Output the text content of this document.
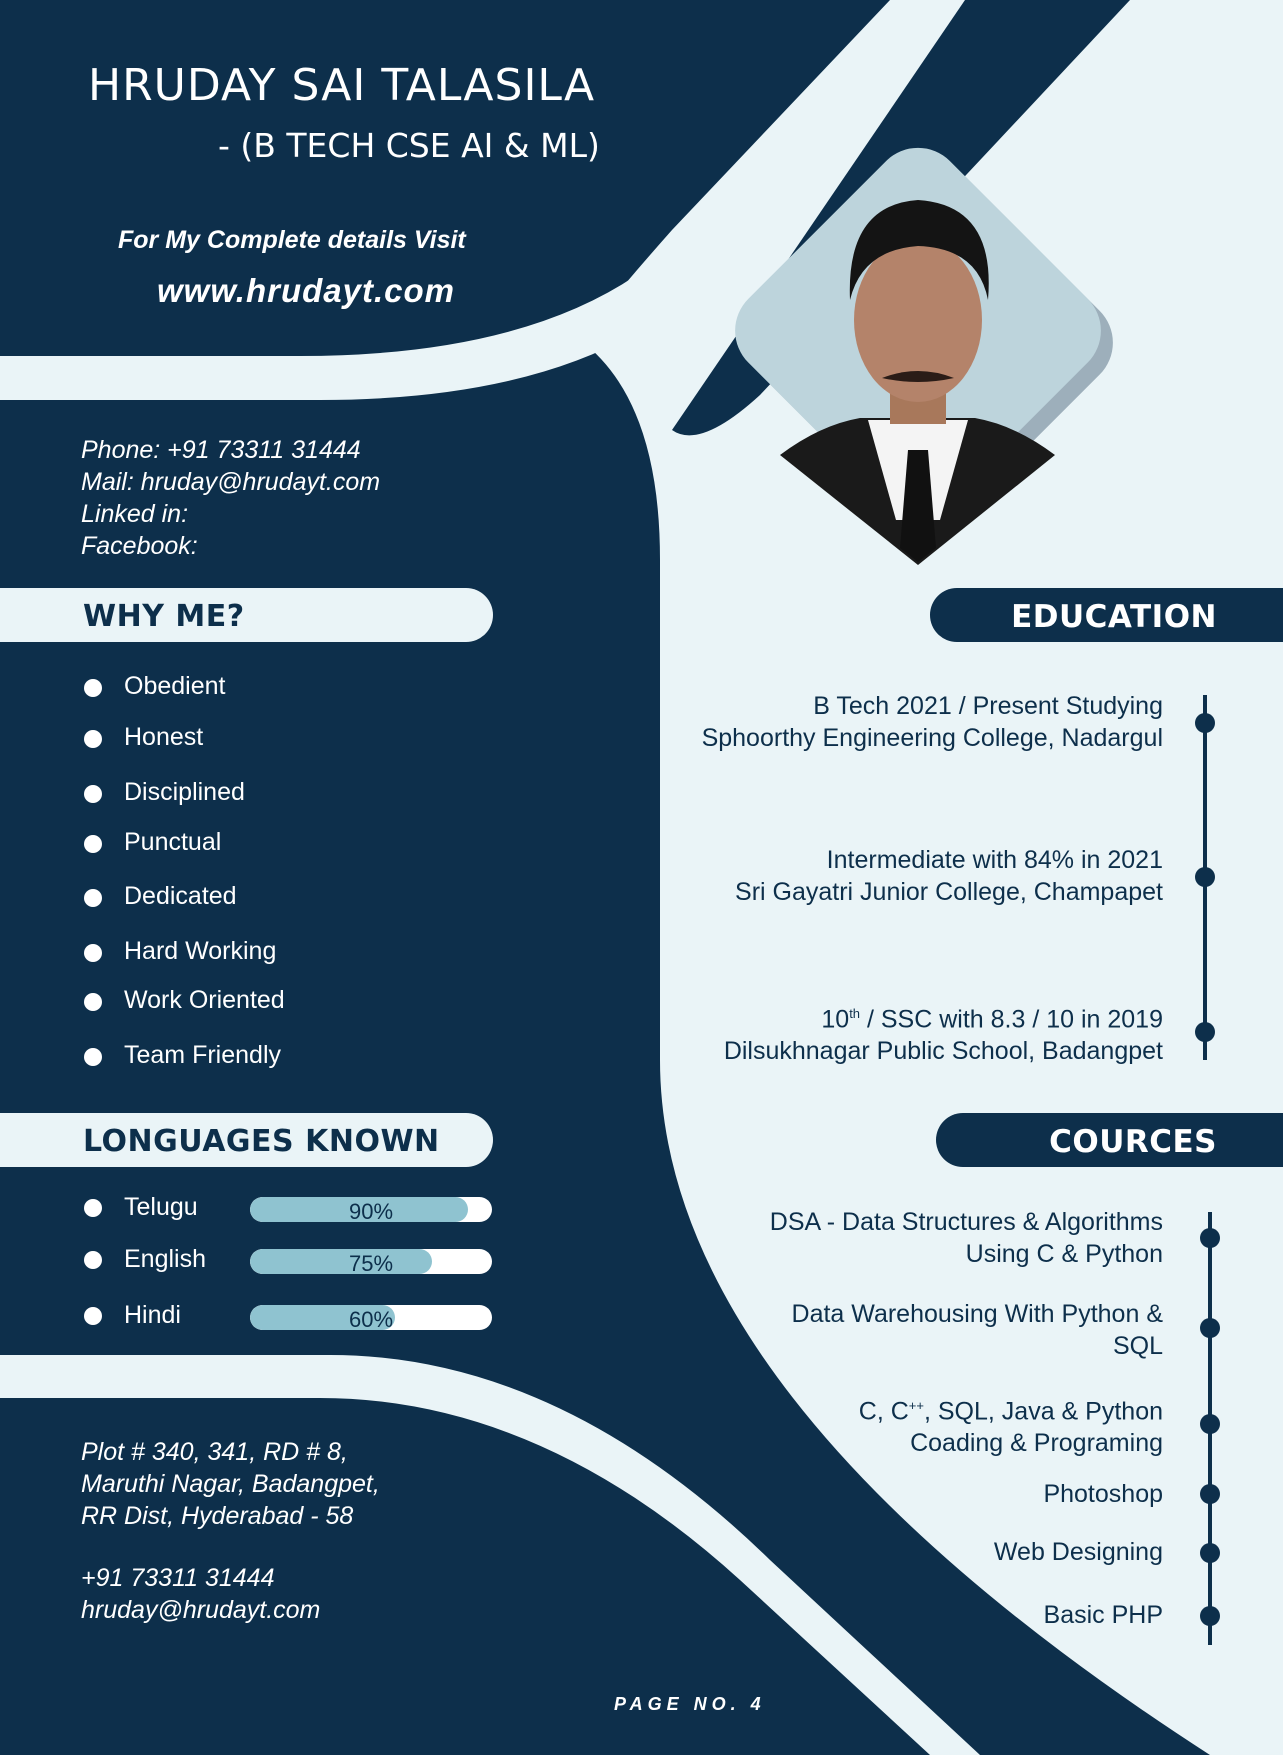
HRUDAY SAI TALASILA
- (B TECH CSE AI & ML)
For My Complete details Visit
www.hrudayt.com
Phone: +91 73311 31444
Mail: hruday@hrudayt.com
Linked in:
Facebook:
WHY ME?
Obedient
Honest
Disciplined
Punctual
Dedicated
Hard Working
Work Oriented
Team Friendly
LONGUAGES KNOWN
Telugu	90%
English	75%
Hindi	60%
Plot # 340, 341, RD # 8,
Maruthi Nagar, Badangpet,
RR Dist, Hyderabad - 58
+91 73311 31444
hruday@hrudayt.com
PAGE NO. 4
EDUCATION
B Tech 2021 / Present Studying
Sphoorthy Engineering College, Nadargul
Intermediate with 84% in 2021
Sri Gayatri Junior College, Champapet
10th / SSC with 8.3 / 10 in 2019
Dilsukhnagar Public School, Badangpet
COURCES
DSA - Data Structures & Algorithms
Using C & Python
Data Warehousing With Python &
SQL
C, C++, SQL, Java & Python
Coading & Programing
Photoshop
Web Designing
Basic PHP
